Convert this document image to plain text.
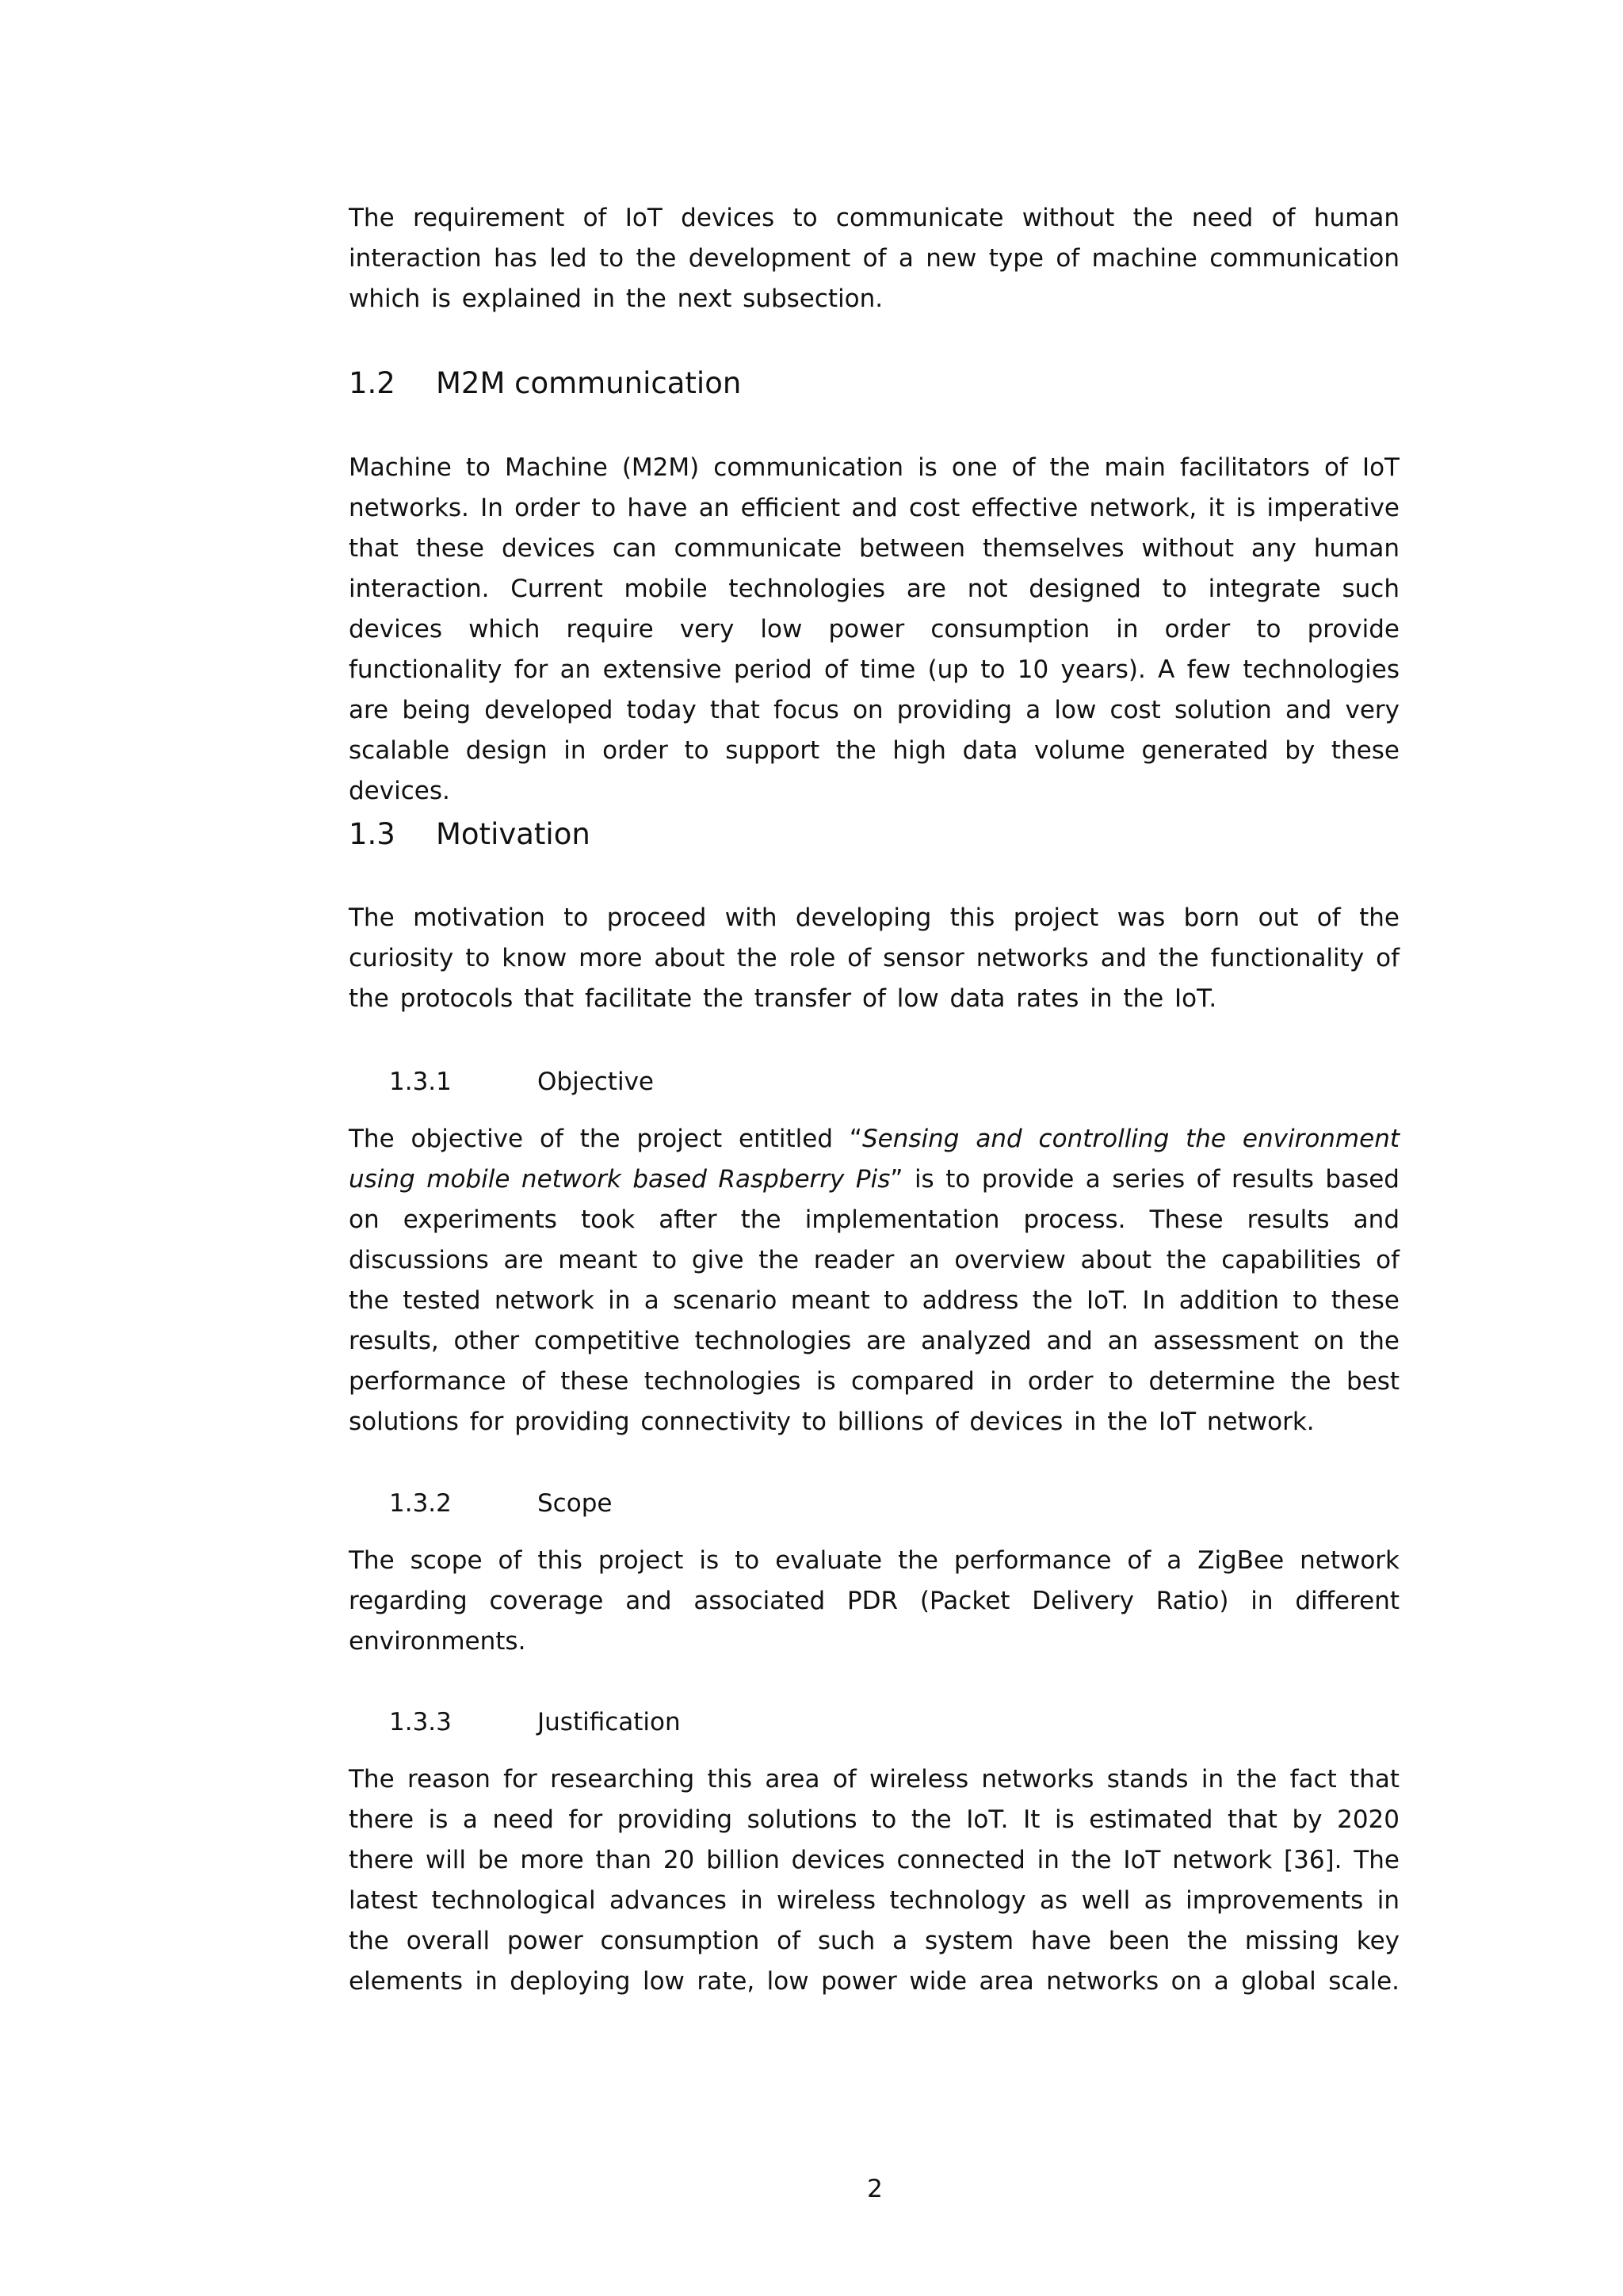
The requirement of IoT devices to communicate without the need of human interaction has led to the development of a new type of machine communication which is explained in the next subsection.

1.2 M2M communication

Machine to Machine (M2M) communication is one of the main facilitators of IoT networks. In order to have an efficient and cost effective network, it is imperative that these devices can communicate between themselves without any human interaction. Current mobile technologies are not designed to integrate such devices which require very low power consumption in order to provide functionality for an extensive period of time (up to 10 years). A few technologies are being developed today that focus on providing a low cost solution and very scalable design in order to support the high data volume generated by these devices.

1.3 Motivation

The motivation to proceed with developing this project was born out of the curiosity to know more about the role of sensor networks and the functionality of the protocols that facilitate the transfer of low data rates in the IoT.

1.3.1	Objective

The objective of the project entitled “Sensing and controlling the environment using mobile network based Raspberry Pis” is to provide a series of results based on experiments took after the implementation process. These results and discussions are meant to give the reader an overview about the capabilities of the tested network in a scenario meant to address the IoT. In addition to these results, other competitive technologies are analyzed and an assessment on the performance of these technologies is compared in order to determine the best solutions for providing connectivity to billions of devices in the IoT network.

1.3.2	Scope

The scope of this project is to evaluate the performance of a ZigBee network regarding coverage and associated PDR (Packet Delivery Ratio) in different environments.

1.3.3	Justification

The reason for researching this area of wireless networks stands in the fact that there is a need for providing solutions to the IoT. It is estimated that by 2020 there will be more than 20 billion devices connected in the IoT network [36]. The latest technological advances in wireless technology as well as improvements in the overall power consumption of such a system have been the missing key elements in deploying low rate, low power wide area networks on a global scale.

2
